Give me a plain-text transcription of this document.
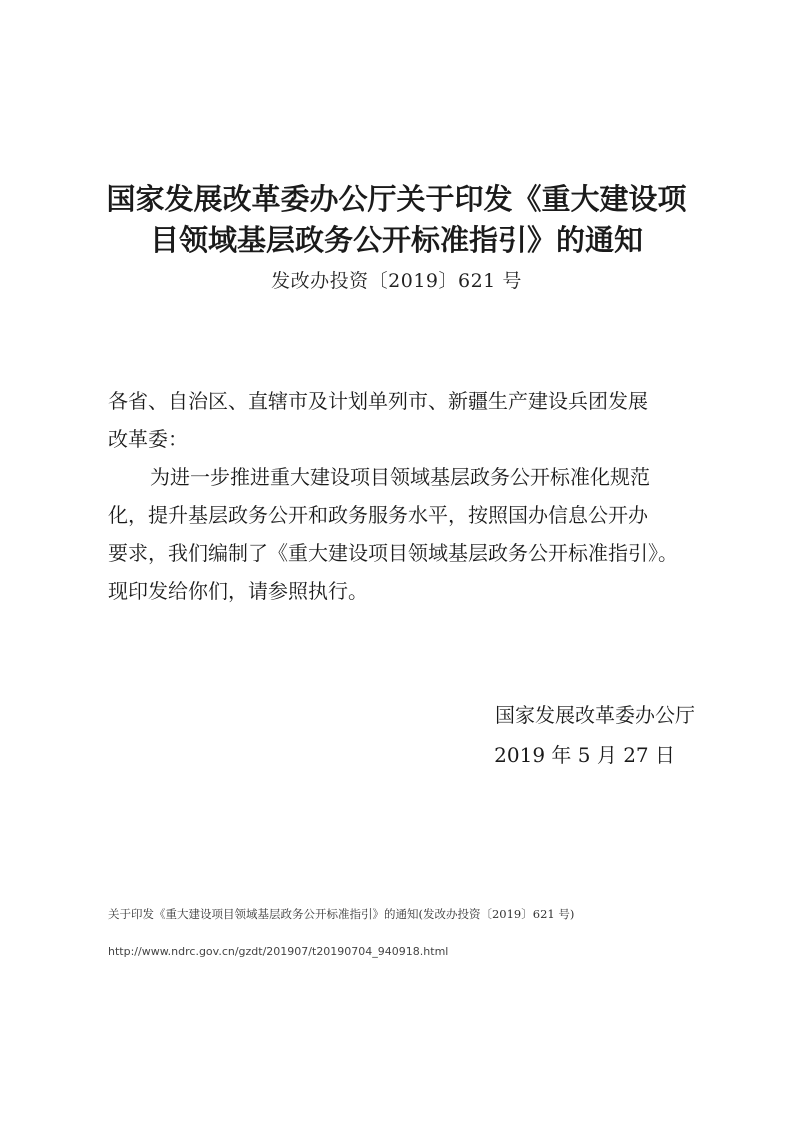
国家发展改革委办公厅关于印发《重大建设项
目领域基层政务公开标准指引》的通知
发改办投资〔2019〕621 号
各省、自治区、直辖市及计划单列市、新疆生产建设兵团发展
改革委：
为进一步推进重大建设项目领域基层政务公开标准化规范
化，提升基层政务公开和政务服务水平，按照国办信息公开办
要求，我们编制了《重大建设项目领域基层政务公开标准指引》。
现印发给你们，请参照执行。
国家发展改革委办公厅
2019 年 5 月 27 日
关于印发《重大建设项目领域基层政务公开标准指引》的通知(发改办投资〔2019〕621 号)
http://www.ndrc.gov.cn/gzdt/201907/t20190704_940918.html
